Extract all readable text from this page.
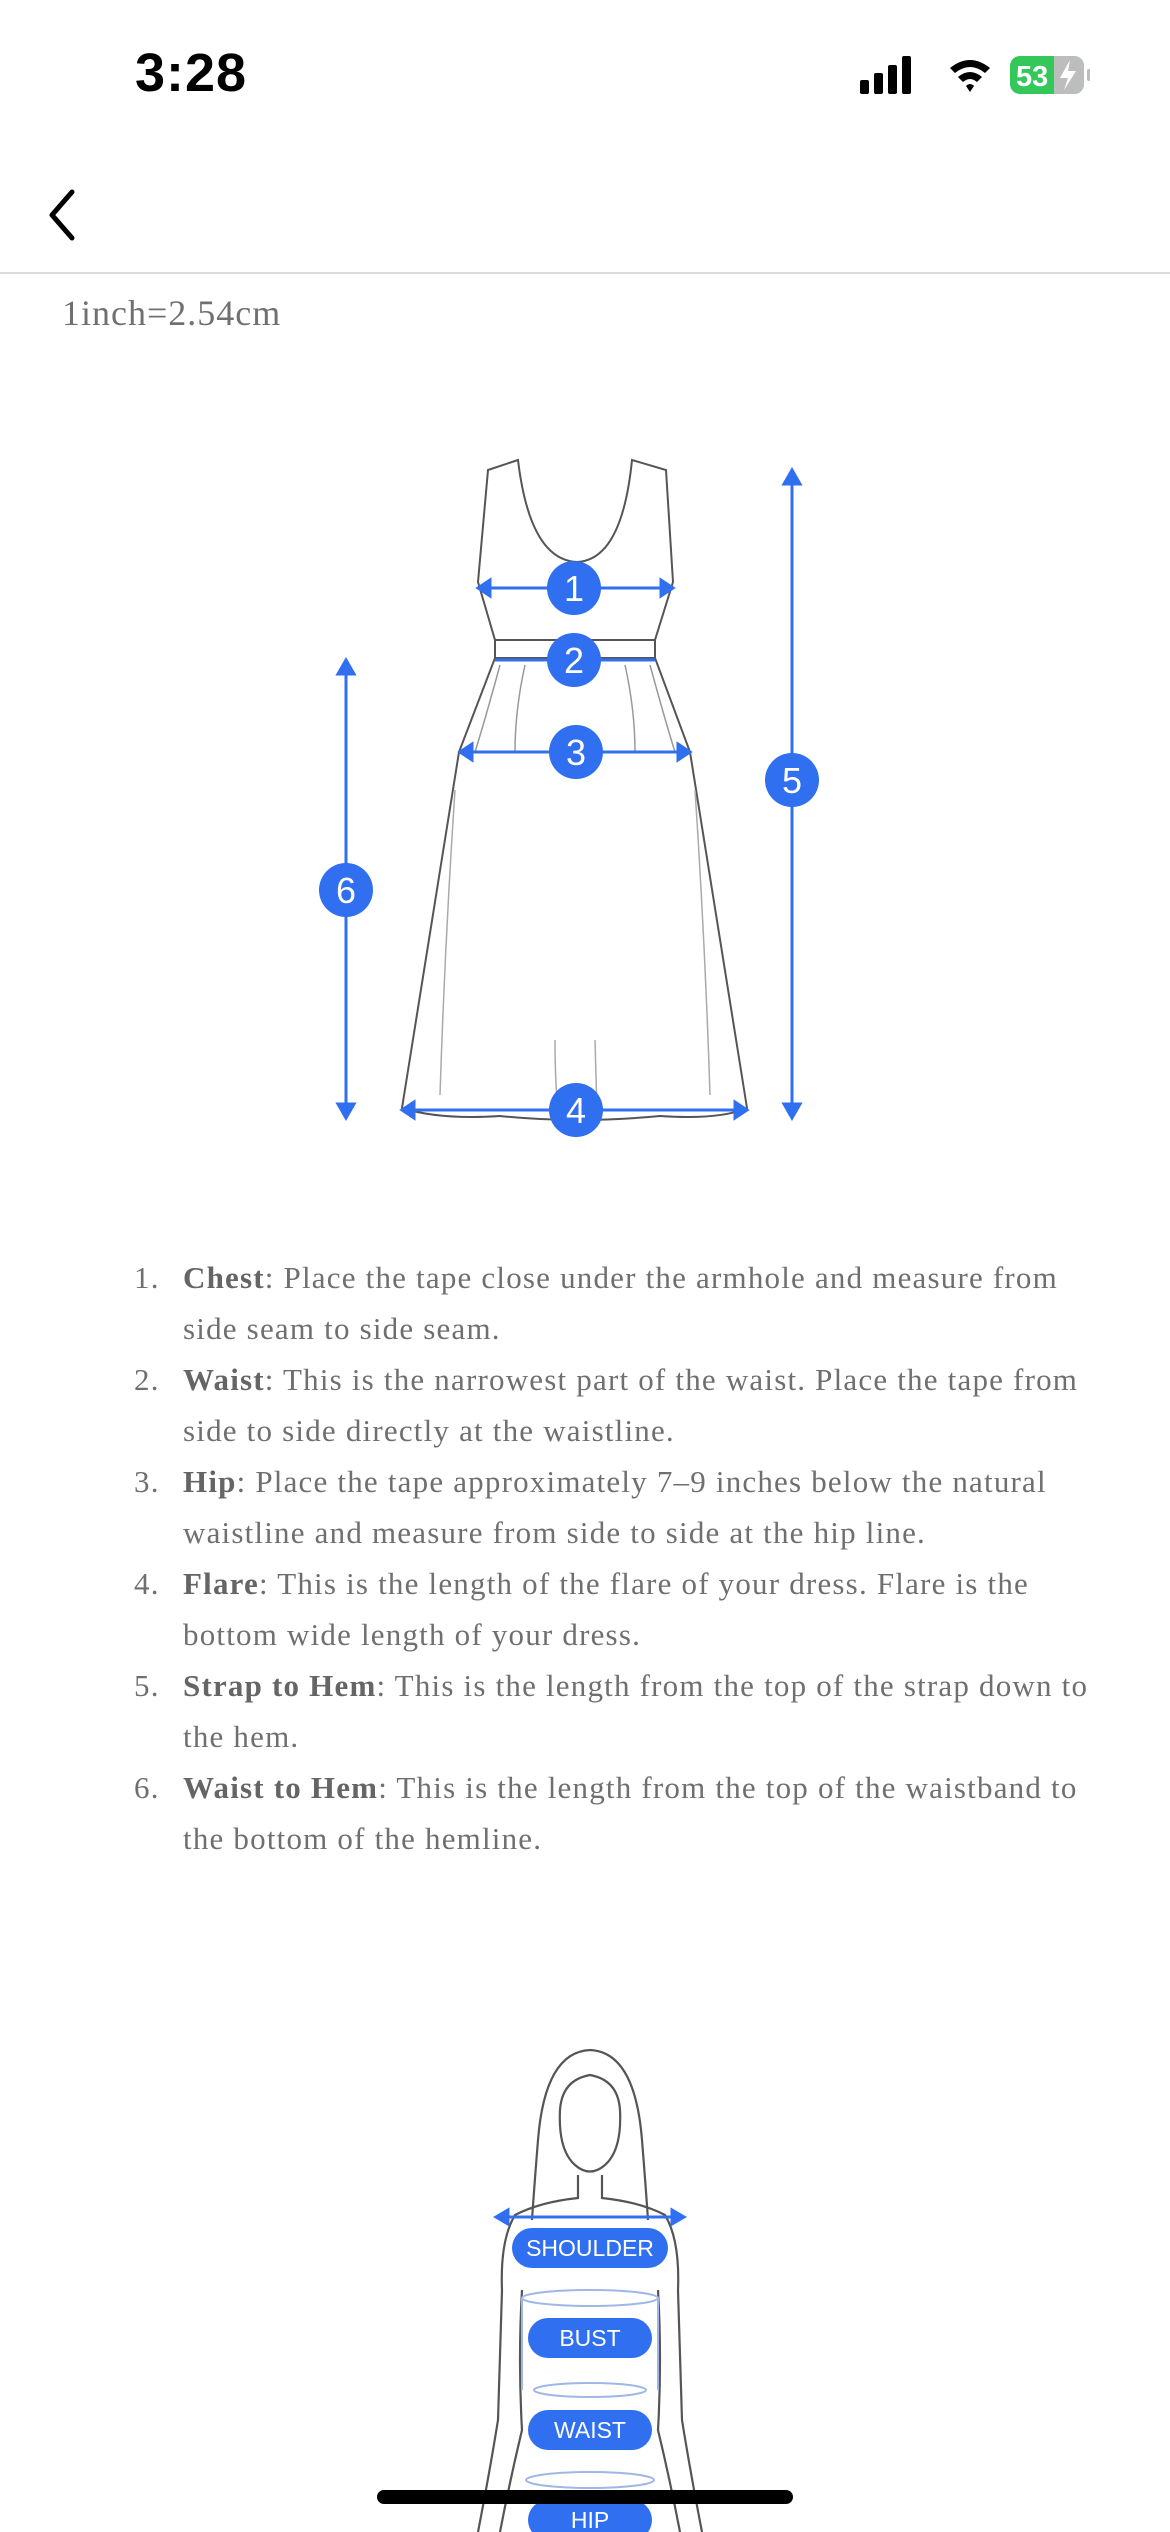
3:28	53
1inch=2.54cm
1
2
3
4
5
6
1. Chest: Place the tape close under the armhole and measure from side seam to side seam.
2. Waist: This is the narrowest part of the waist. Place the tape from side to side directly at the waistline.
3. Hip: Place the tape approximately 7–9 inches below the natural waistline and measure from side to side at the hip line.
4. Flare: This is the length of the flare of your dress. Flare is the bottom wide length of your dress.
5. Strap to Hem: This is the length from the top of the strap down to the hem.
6. Waist to Hem: This is the length from the top of the waistband to the bottom of the hemline.
SHOULDER
BUST
WAIST
HIP
